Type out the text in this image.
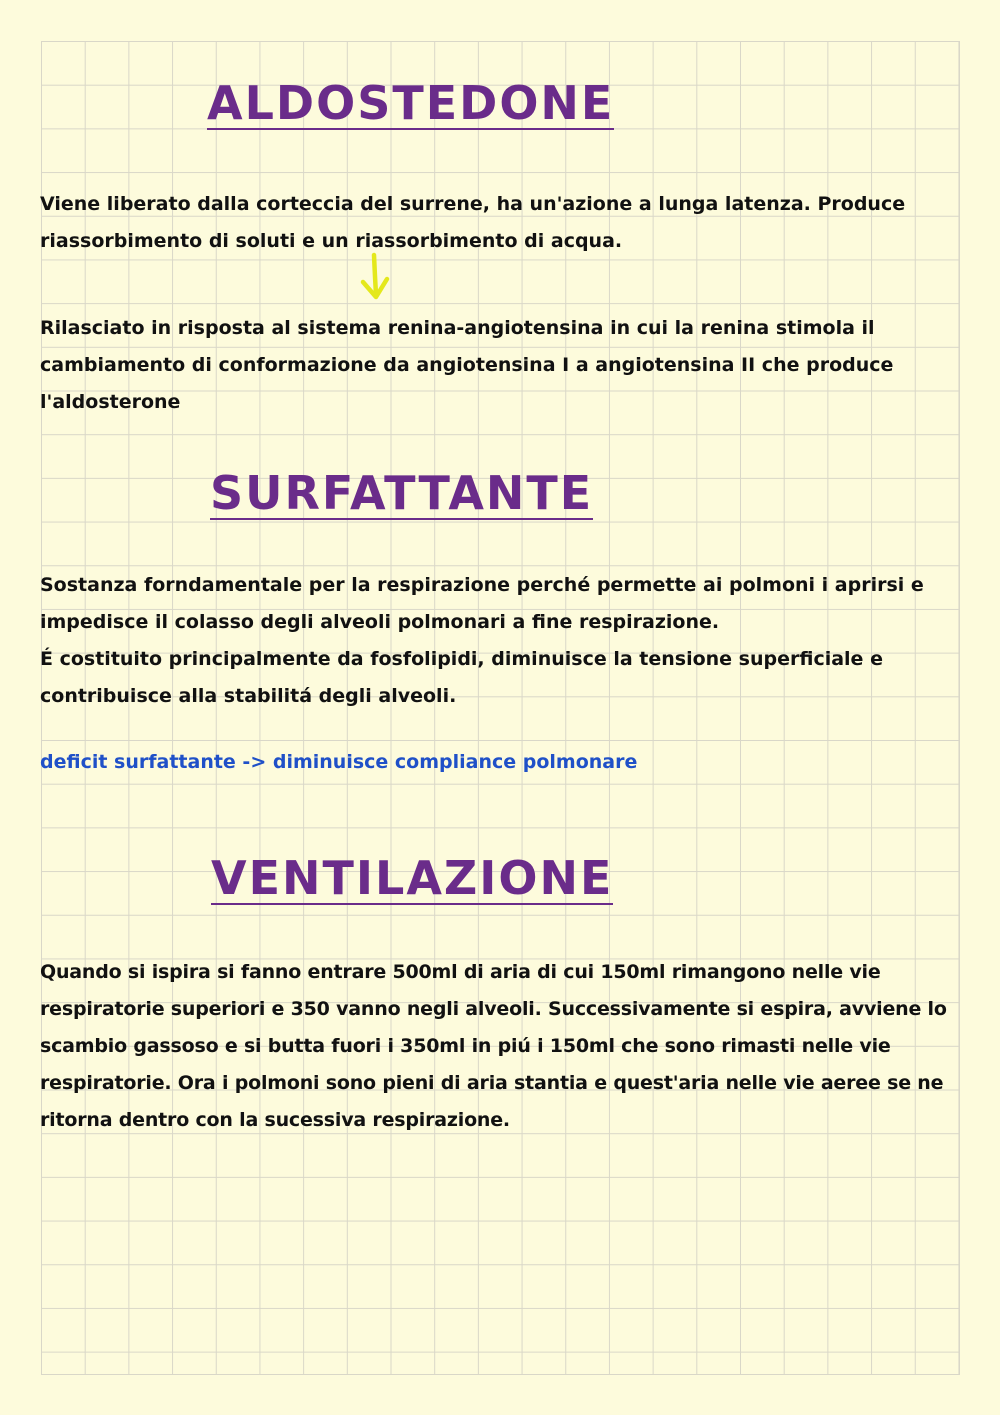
ALDOSTEDONE

Viene liberato dalla corteccia del surrene, ha un'azione a lunga latenza. Produce riassorbimento di soluti e un riassorbimento di acqua.

Rilasciato in risposta al sistema renina-angiotensina in cui la renina stimola il cambiamento di conformazione da angiotensina I a angiotensina II che produce l'aldosterone

SURFATTANTE

Sostanza forndamentale per la respirazione perché permette ai polmoni i aprirsi e impedisce il colasso degli alveoli polmonari a fine respirazione.
É costituito principalmente da fosfolipidi, diminuisce la tensione superficiale e contribuisce alla stabilitá degli alveoli.

deficit surfattante -> diminuisce compliance polmonare

VENTILAZIONE

Quando si ispira si fanno entrare 500ml di aria di cui 150ml rimangono nelle vie respiratorie superiori e 350 vanno negli alveoli. Successivamente si espira, avviene lo scambio gassoso e si butta fuori i 350ml in piú i 150ml che sono rimasti nelle vie respiratorie. Ora i polmoni sono pieni di aria stantia e quest'aria nelle vie aeree se ne ritorna dentro con la sucessiva respirazione.
